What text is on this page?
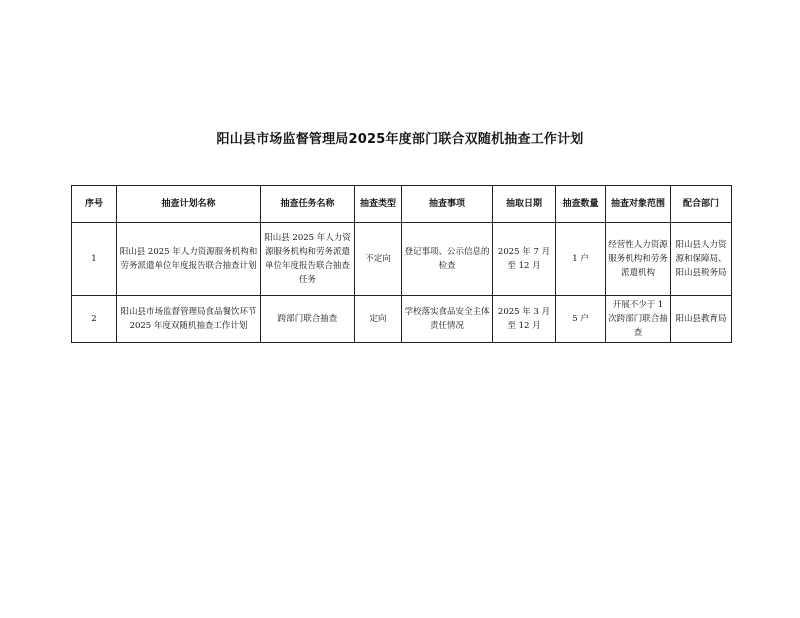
阳山县市场监督管理局2025年度部门联合双随机抽查工作计划
序号	抽查计划名称	抽查任务名称	抽查类型	抽查事项	抽取日期	抽查数量	抽查对象范围	配合部门
1	阳山县 2025 年人力资源服务机构和劳务派遣单位年度报告联合抽查计划	阳山县 2025 年人力资源服务机构和劳务派遣单位年度报告联合抽查任务	不定向	登记事项、公示信息的检查	2025 年 7 月至 12 月	1 户	经营性人力资源服务机构和劳务派遣机构	阳山县人力资源和保障局、阳山县税务局
2	阳山县市场监督管理局食品餐饮环节 2025 年度双随机抽查工作计划	跨部门联合抽查	定向	学校落实食品安全主体责任情况	2025 年 3 月至 12 月	5 户	开展不少于 1 次跨部门联合抽查	阳山县教育局
